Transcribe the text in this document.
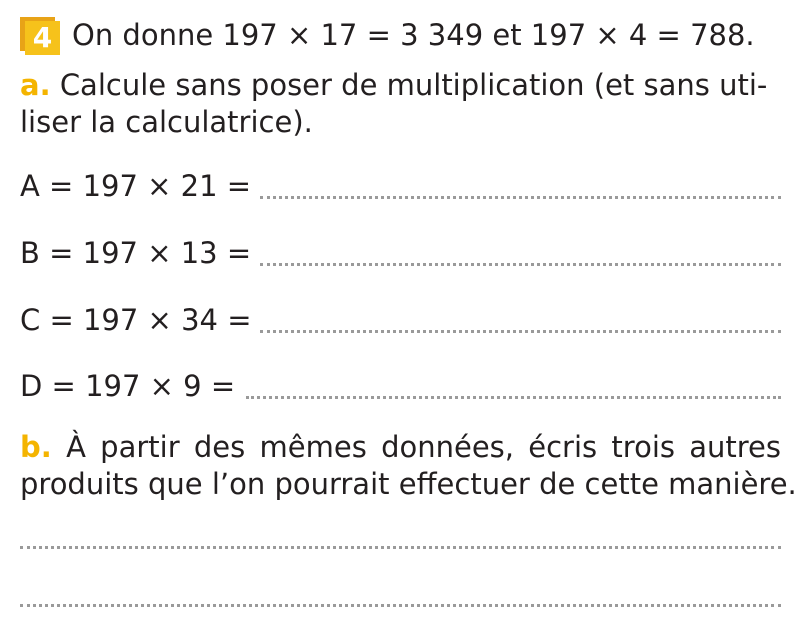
4 On donne 197 × 17 = 3 349 et 197 × 4 = 788.
a. Calcule sans poser de multiplication (et sans uti-
liser la calculatrice).
A = 197 × 21 =
B = 197 × 13 =
C = 197 × 34 =
D = 197 × 9 =
b. À partir des mêmes données, écris trois autres
produits que l’on pourrait effectuer de cette manière.
